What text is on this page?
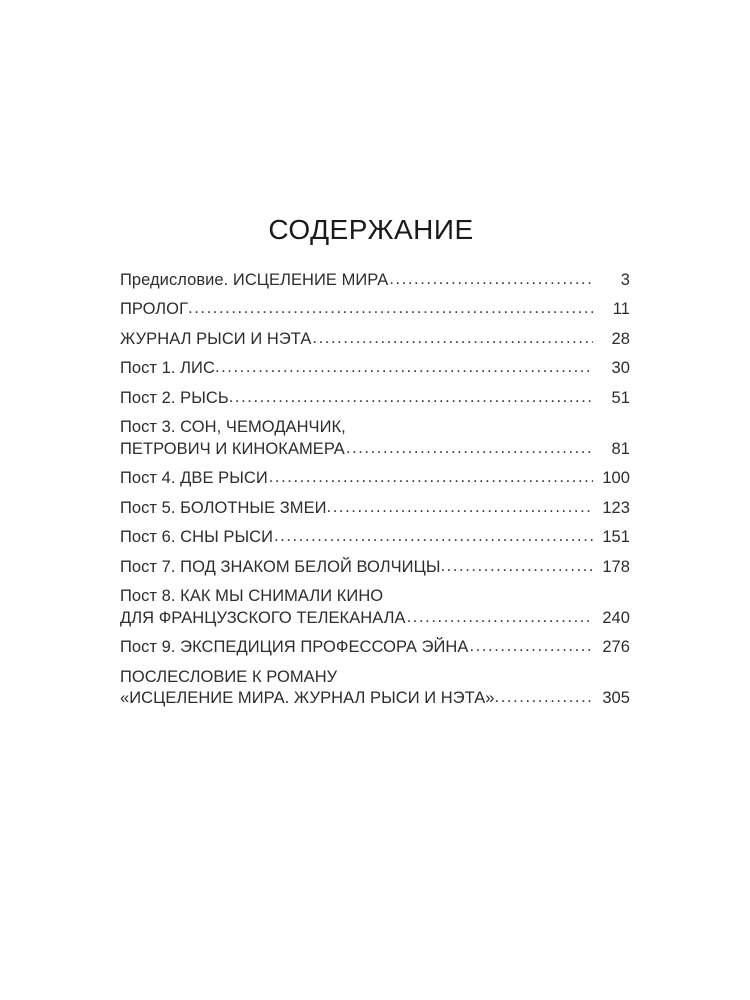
СОДЕРЖАНИЕ
Предисловие. ИСЦЕЛЕНИЕ МИРА .....	3
ПРОЛОГ .....	11
ЖУРНАЛ РЫСИ И НЭТА .....	28
Пост 1. ЛИС .....	30
Пост 2. РЫСЬ .....	51
Пост 3. СОН, ЧЕМОДАНЧИК,
ПЕТРОВИЧ И КИНОКАМЕРА .....	81
Пост 4. ДВЕ РЫСИ .....	100
Пост 5. БОЛОТНЫЕ ЗМЕИ .....	123
Пост 6. СНЫ РЫСИ .....	151
Пост 7. ПОД ЗНАКОМ БЕЛОЙ ВОЛЧИЦЫ .....	178
Пост 8. КАК МЫ СНИМАЛИ КИНО
ДЛЯ ФРАНЦУЗСКОГО ТЕЛЕКАНАЛА .....	240
Пост 9. ЭКСПЕДИЦИЯ ПРОФЕССОРА ЭЙНА .....	276
ПОСЛЕСЛОВИЕ К РОМАНУ
«ИСЦЕЛЕНИЕ МИРА. ЖУРНАЛ РЫСИ И НЭТА» .....	305
